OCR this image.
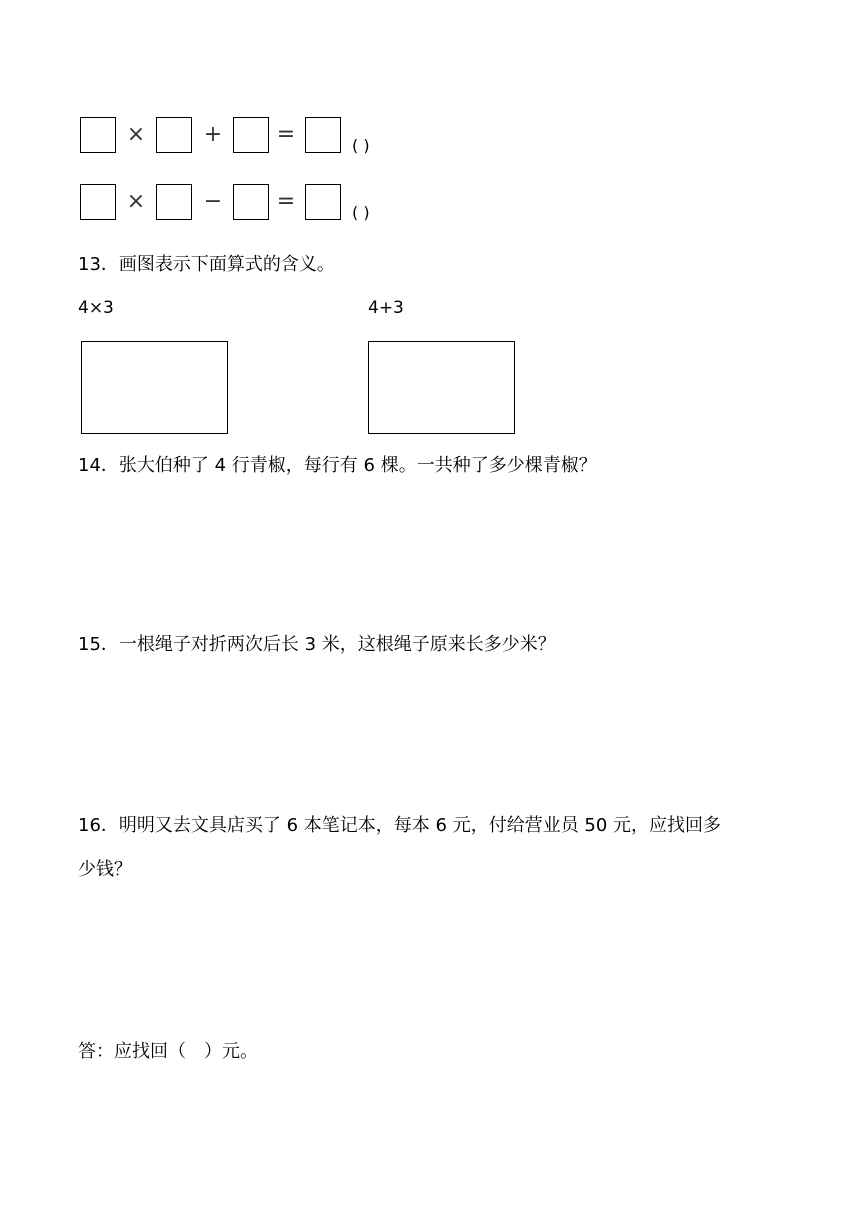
×	+ =	( )
×	− =	( )
13．画图表示下面算式的含义。
4×3	4+3
14．张大伯种了 4 行青椒，每行有 6 棵。一共种了多少棵青椒？
15．一根绳子对折两次后长 3 米，这根绳子原来长多少米？
16．明明又去文具店买了 6 本笔记本，每本 6 元，付给营业员 50 元，应找回多
少钱？
答：应找回（　）元。
